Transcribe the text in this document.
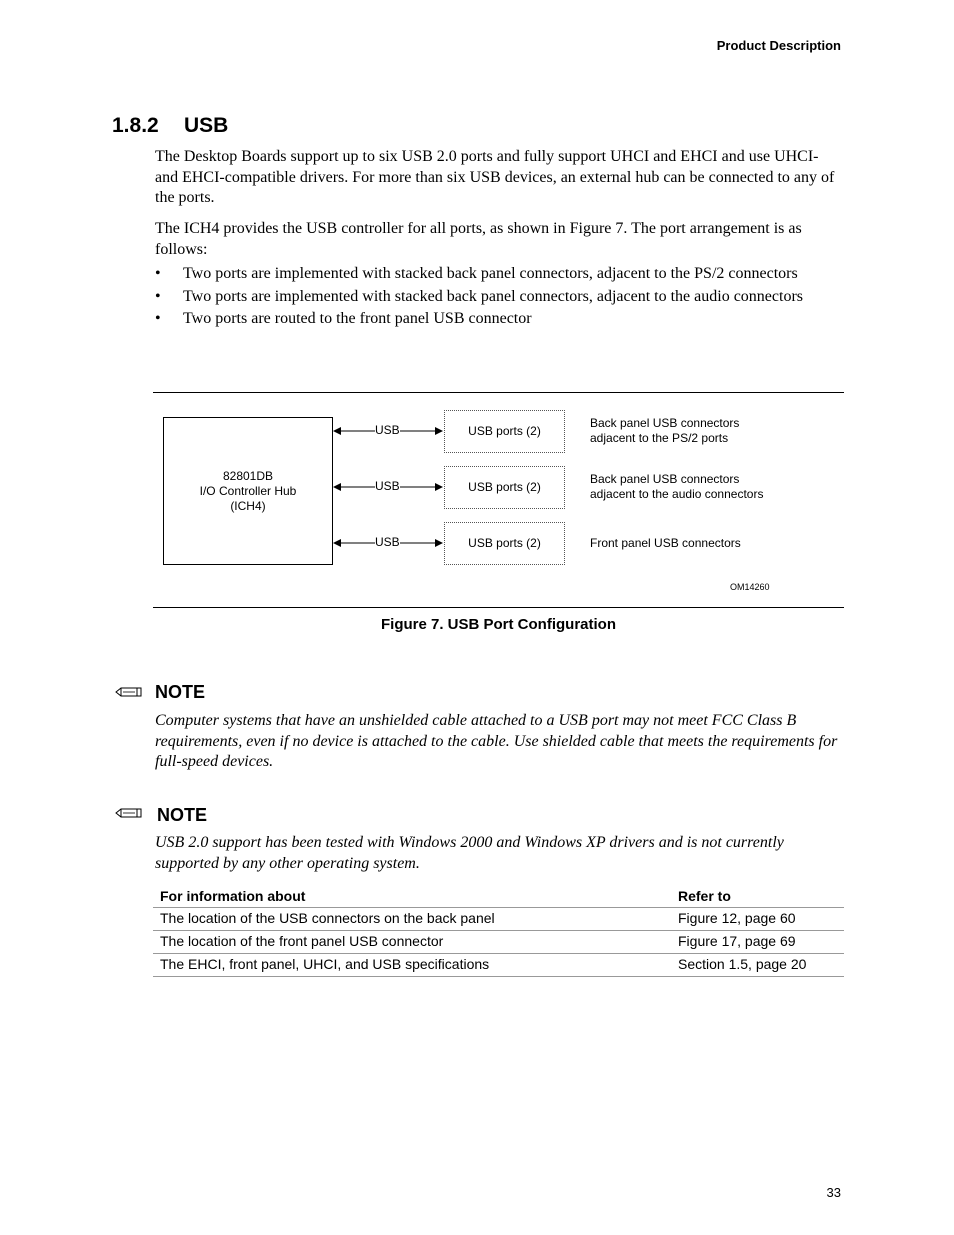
Product Description
1.8.2 USB
The Desktop Boards support up to six USB 2.0 ports and fully support UHCI and EHCI and use UHCI- and EHCI-compatible drivers. For more than six USB devices, an external hub can be connected to any of the ports.
The ICH4 provides the USB controller for all ports, as shown in Figure 7. The port arrangement is as follows:
• Two ports are implemented with stacked back panel connectors, adjacent to the PS/2 connectors
• Two ports are implemented with stacked back panel connectors, adjacent to the audio connectors
• Two ports are routed to the front panel USB connector
82801DB
I/O Controller Hub
(ICH4)
USB
USB
USB
USB ports (2)
USB ports (2)
USB ports (2)
Back panel USB connectors
adjacent to the PS/2 ports
Back panel USB connectors
adjacent to the audio connectors
Front panel USB connectors
OM14260
Figure 7. USB Port Configuration
NOTE
Computer systems that have an unshielded cable attached to a USB port may not meet FCC Class B requirements, even if no device is attached to the cable. Use shielded cable that meets the requirements for full-speed devices.
NOTE
USB 2.0 support has been tested with Windows 2000 and Windows XP drivers and is not currently supported by any other operating system.
For information about	Refer to
The location of the USB connectors on the back panel	Figure 12, page 60
The location of the front panel USB connector	Figure 17, page 69
The EHCI, front panel, UHCI, and USB specifications	Section 1.5, page 20
33
